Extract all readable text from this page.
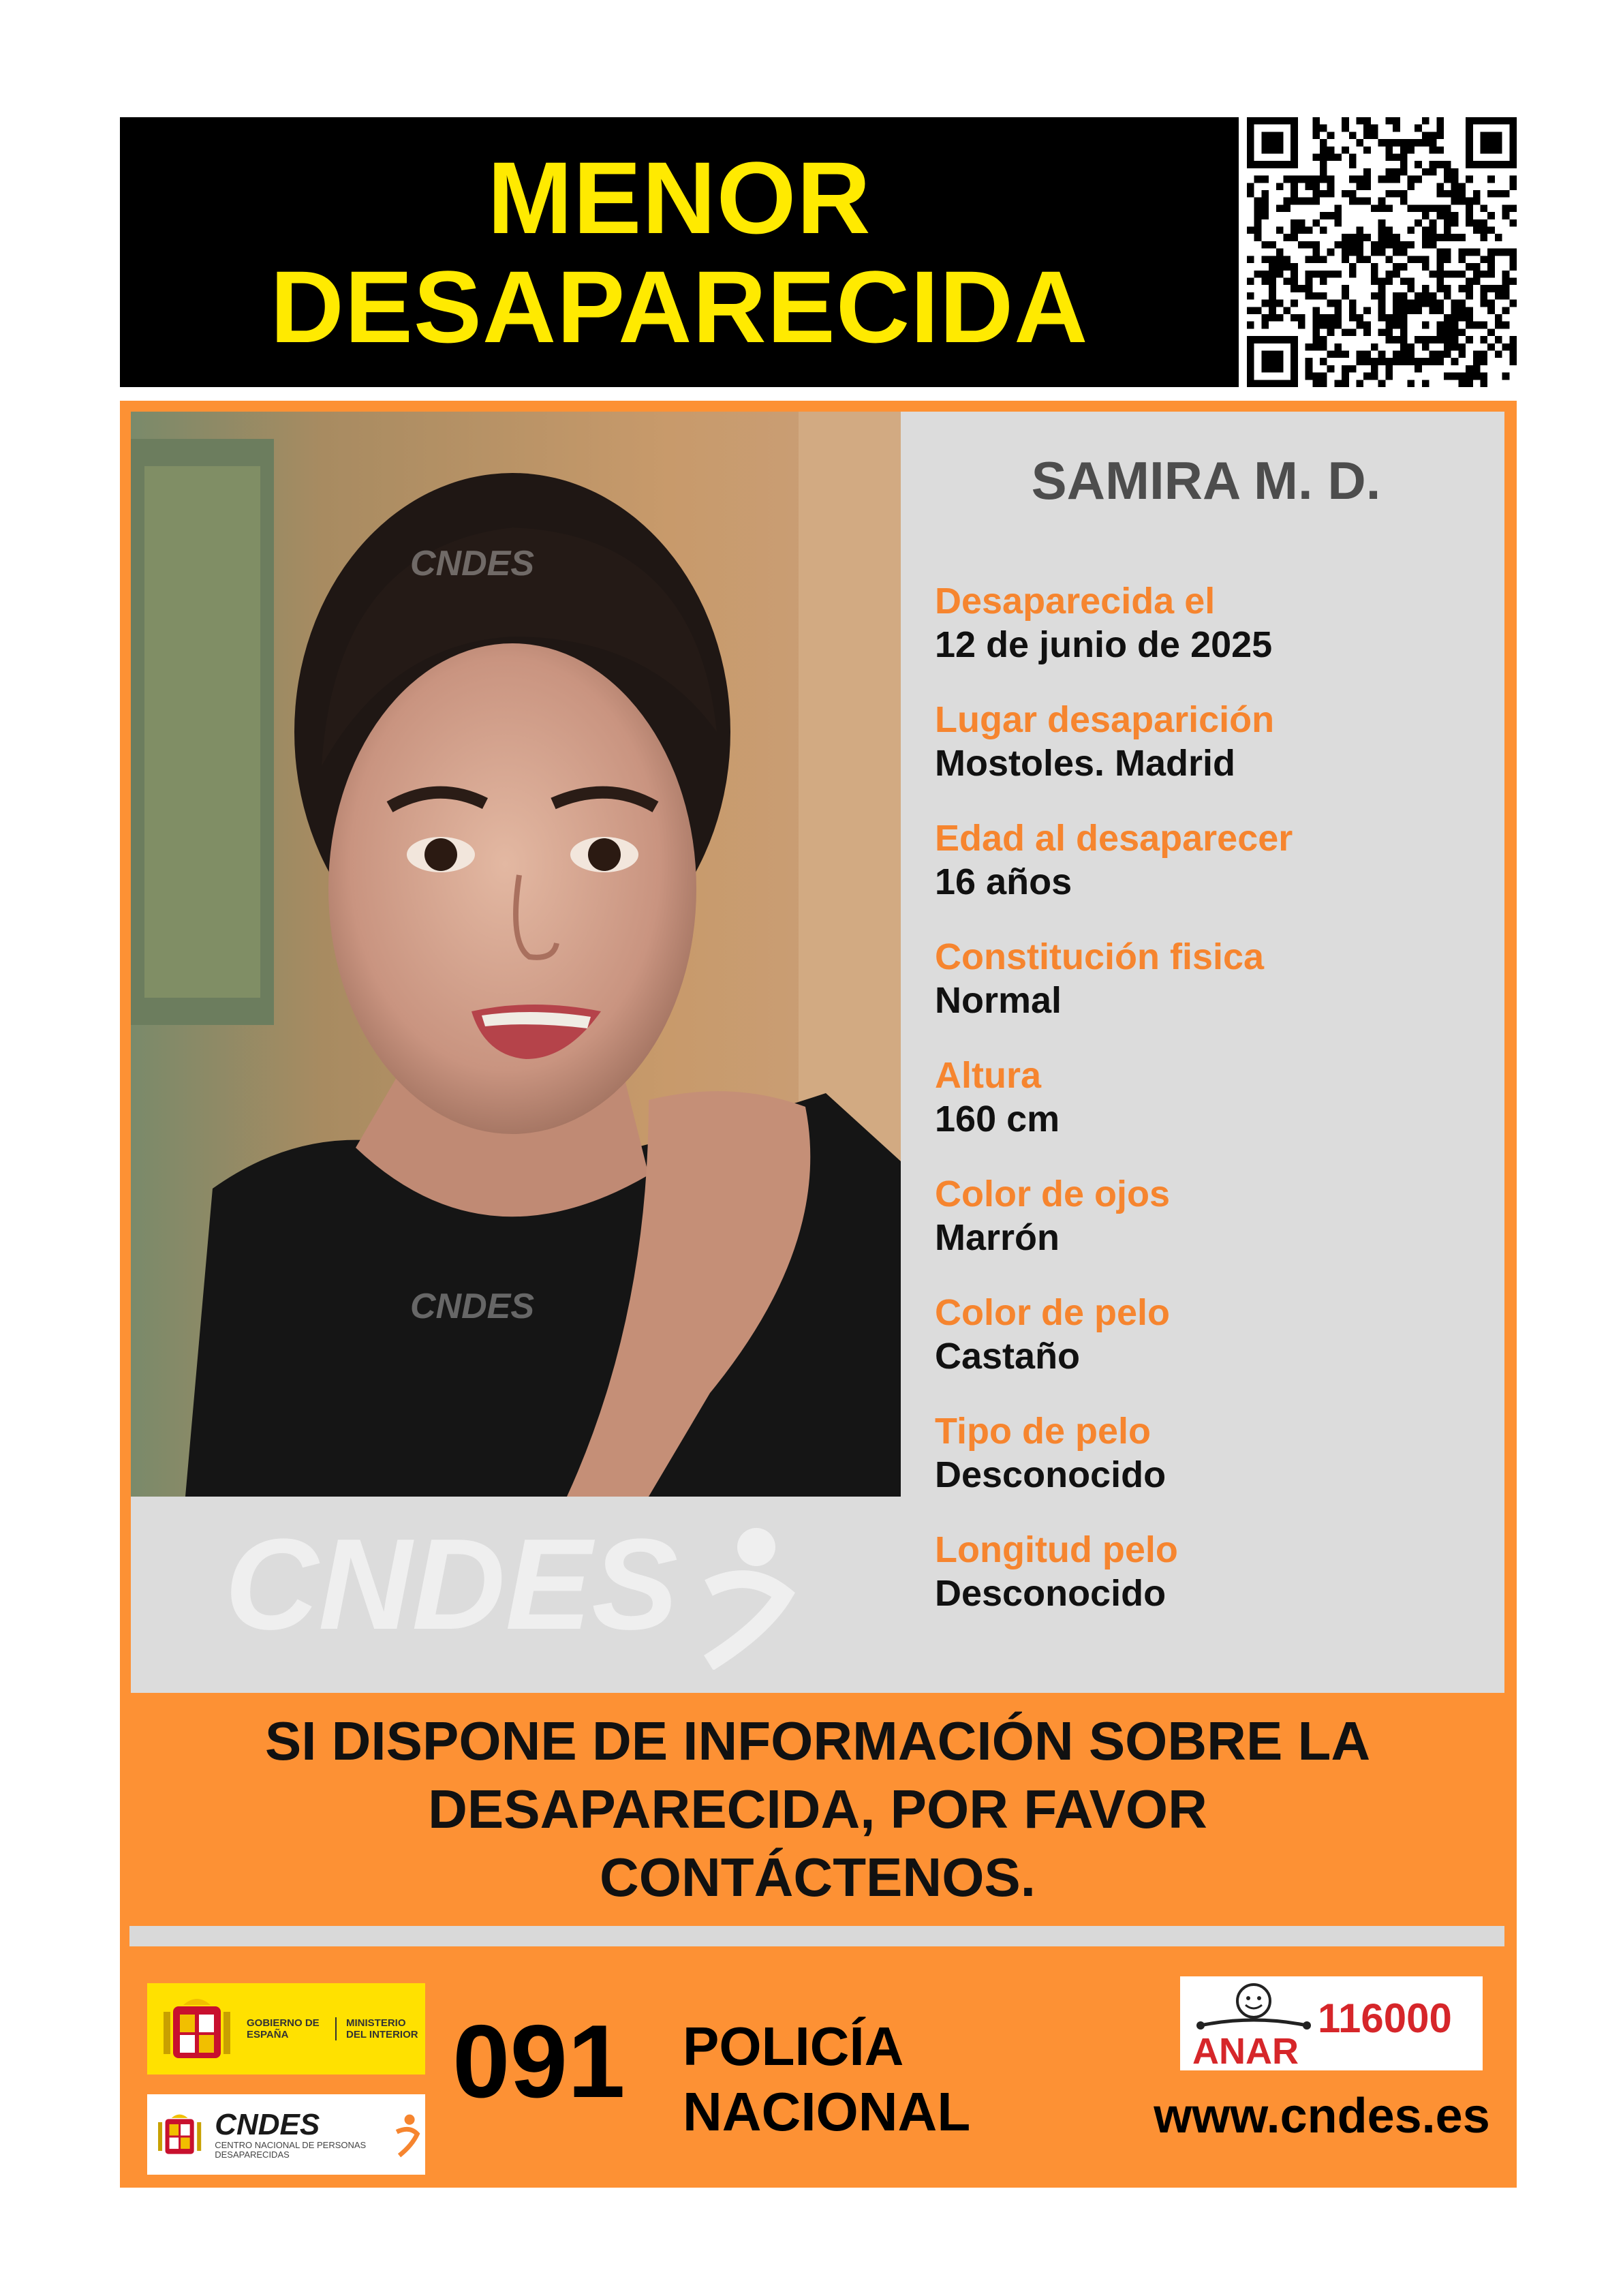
MENOR
DESAPARECIDA
CNDES
CNDES
SAMIRA M. D.
Desaparecida el
12 de junio de 2025
Lugar desaparición
Mostoles. Madrid
Edad al desaparecer
16 años
Constitución fisica
Normal
Altura
160 cm
Color de ojos
Marrón
Color de pelo
Castaño
Tipo de pelo
Desconocido
Longitud pelo
Desconocido
CNDES
SI DISPONE DE INFORMACIÓN SOBRE LA
DESAPARECIDA, POR FAVOR
CONTÁCTENOS.
GOBIERNO DE ESPAÑA
MINISTERIO DEL INTERIOR
CNDES
CENTRO NACIONAL DE PERSONAS DESAPARECIDAS
091 POLICÍA
NACIONAL
ANAR
116000
www.cndes.es
